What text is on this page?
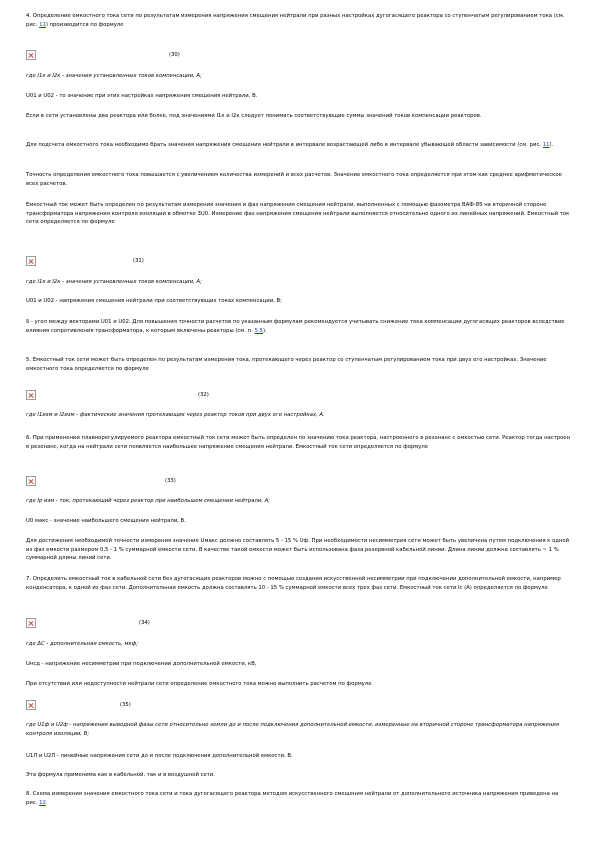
4. Определение емкостного тока сети по результатам измерения напряжения смещения нейтрали при разных настройках дугогасящего реактора со ступенчатым регулированием тока (см. рис. 11) производится по формуле

(30)

где I1к и I2к - значения установленных токов компенсации, А;

U01 и U02 - то значение при этих настройках напряжения смещения нейтрали, В.

Если в сети установлены два реактора или более, под значениями I1к и I2к следует понимать соответствующие суммы значений токов компенсации реакторов.

Для подсчета емкостного тока необходимо брать значения напряжения смещения нейтрали в интервале возрастающей либо в интервале убывающей области зависимости (см. рис. 11).

Точность определения емкостного тока повышается с увеличением количества измерений и всех расчетов. Значение емкостного тока определяется при этом как среднее арифметическое всех расчетов.

Емкостный ток может быть определен по результатам измерения значения и фаз напряжения смещения нейтрали, выполненных с помощью фазометра ВАФ-85 на вторичной стороне трансформатора напряжения контроля изоляции в обмотке 3U0. Измерение фаз напряжения смещения нейтрали выполняется относительно одного из линейных напряжений. Емкостный ток сети определяется по формуле

(31)

где I1к и I2к - значения установленных токов компенсации, А;

U01 и U02 - напряжения смещения нейтрали при соответствующих токах компенсации, В;

δ - угол между векторами U01 и U02. Для повышения точности расчетов по указанным формулам рекомендуется учитывать снижение тока компенсации дугогасящих реакторов вследствие влияния сопротивления трансформатора, к которым включены реакторы (см. п. 5.5).

5. Емкостный ток сети может быть определен по результатам измерения тока, протекающего через реактор со ступенчатым регулированием тока при двух его настройках. Значение емкостного тока определяется по формуле

(32)

где I1изм и I2изм - фактические значения протекающих через реактор токов при двух его настройках, А.

6. При применении плавнорегулируемого реактора емкостный ток сети может быть определен по значению тока реактора, настроенного в резонанс с емкостью сети. Реактор тогда настроен в резонанс, когда на нейтрали сети появляется наибольшее напряжение смещения нейтрали. Емкостный ток сети определяется по формуле

(33)

где Iр изм - ток, протекающий через реактор при наибольшем смещении нейтрали, А;

U0 макс - значение наибольшего смещения нейтрали, В.

Для достижения необходимой точности измерения значение Uмакс должно составлять 5 - 15 % Uф. При необходимости несимметрия сети может быть увеличена путем подключения к одной из фаз емкости размером 0,5 - 1 % суммарной емкости сети. В качестве такой емкости может быть использована фаза резервной кабельной линии. Длина линии должна составлять ~ 1 % суммарной длины линий сети.

7. Определить емкостный ток в кабельной сети без дугогасящих реакторов можно с помощью создания искусственной несимметрии при подключении дополнительной емкости, например конденсатора, к одной из фаз сети. Дополнительная емкость должна составлять 10 - 15 % суммарной емкости всех трех фаз сети. Емкостный ток сети Iс (А) определяется по формуле

(34)

где ΔC - дополнительная емкость, мкф;

Uнсд - напряжение несимметрии при подключении дополнительной емкости, кВ,

При отсутствии или недоступности нейтрали сети определение емкостного тока можно выполнить расчетом по формуле

(35)

где U1ф и U2ф - напряжения выводной фазы сети относительно земли до и после подключения дополнительной емкости, измеренные на вторичной стороне трансформатора напряжения контроля изоляции, В;

U1Л и U2Л - линейные напряжения сети до и после подключения дополнительной емкости, В.

Эта формула применима как в кабельной, так и в воздушной сети.

8. Схема измерения значения емкостного тока сети и тока дугогасящего реактора методом искусственного смещения нейтрали от дополнительного источника напряжения приведена на рис. 12.
